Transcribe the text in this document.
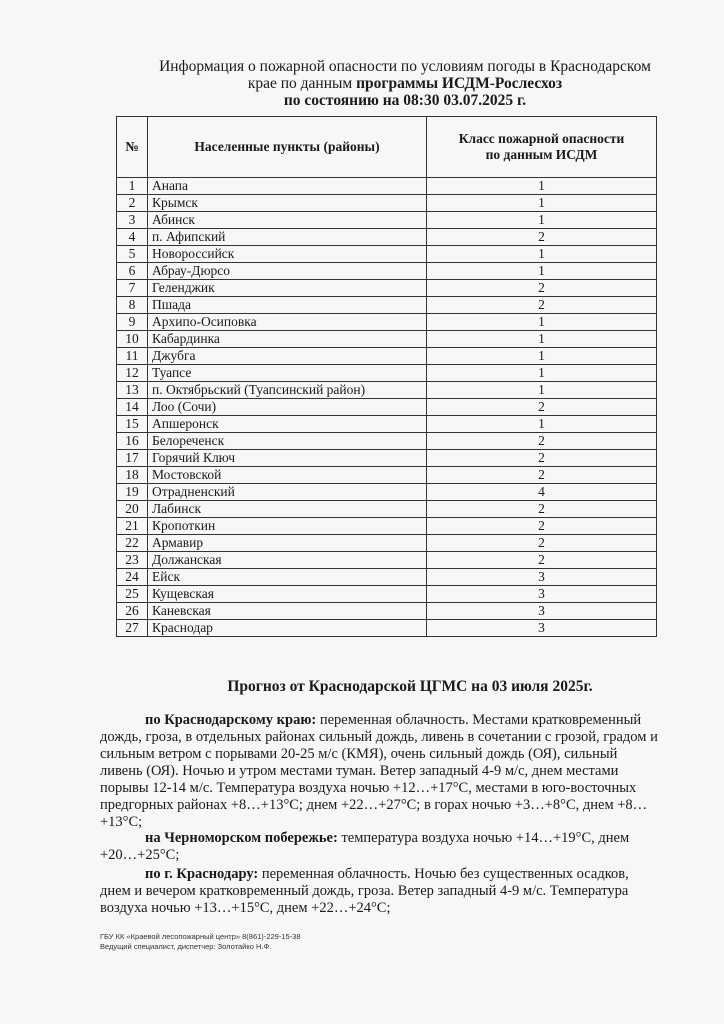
Информация о пожарной опасности по условиям погоды в Краснодарском
крае по данным программы ИСДМ-Рослесхоз
по состоянию на 08:30 03.07.2025 г.
№	Населенные пункты (районы)	Класс пожарной опасности
по данным ИСДМ

1	Анапа	1
2	Крымск	1
3	Абинск	1
4	п. Афипский	2
5	Новороссийск	1
6	Абрау-Дюрсо	1
7	Геленджик	2
8	Пшада	2
9	Архипо-Осиповка	1
10	Кабардинка	1
11	Джубга	1
12	Туапсе	1
13	п. Октябрьский (Туапсинский район)	1
14	Лоо (Сочи)	2
15	Апшеронск	1
16	Белореченск	2
17	Горячий Ключ	2
18	Мостовской	2
19	Отрадненский	4
20	Лабинск	2
21	Кропоткин	2
22	Армавир	2
23	Должанская	2
24	Ейск	3
25	Кущевская	3
26	Каневская	3
27	Краснодар	3
Прогноз от Краснодарской ЦГМС на 03 июля 2025г.
по Краснодарскому краю: переменная облачность. Местами кратковременный дождь, гроза, в отдельных районах сильный дождь, ливень в сочетании с грозой, градом и сильным ветром с порывами 20-25 м/с (КМЯ), очень сильный дождь (ОЯ), сильный ливень (ОЯ). Ночью и утром местами туман. Ветер западный 4-9 м/с, днем местами порывы 12-14 м/с. Температура воздуха ночью +12…+17°С, местами в юго-восточных предгорных районах +8…+13°С; днем +22…+27°С; в горах ночью +3…+8°С, днем +8…+13°С;
на Черноморском побережье: температура воздуха ночью +14…+19°С, днем +20…+25°С;
по г. Краснодару: переменная облачность. Ночью без существенных осадков, днем и вечером кратковременный дождь, гроза. Ветер западный 4-9 м/с. Температура воздуха ночью +13…+15°С, днем +22…+24°С;
ГБУ КК «Краевой лесопожарный центр» 8(861)-229-15-38
Ведущий специалист, диспетчер: Золотайко Н.Ф.
